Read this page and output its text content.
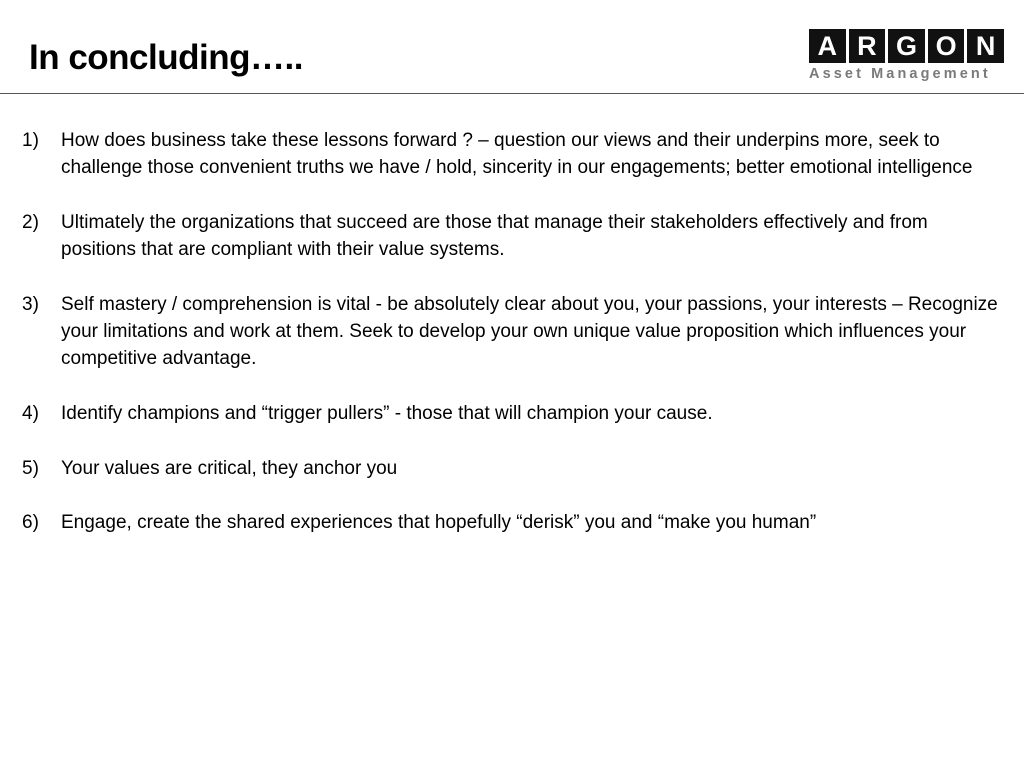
In concluding…..	A R G O N
Asset Management
1) How does business take these lessons forward ? – question our views and their underpins more, seek to challenge those convenient truths we have / hold, sincerity in our engagements; better emotional intelligence
2) Ultimately the organizations that succeed are those that manage their stakeholders effectively and from positions that are compliant with their value systems.
3) Self mastery / comprehension is vital - be absolutely clear about you, your passions, your interests – Recognize your limitations and work at them. Seek to develop your own unique value proposition which influences your competitive advantage.
4) Identify champions and “trigger pullers” - those that will champion your cause.
5) Your values are critical, they anchor you
6) Engage, create the shared experiences that hopefully “derisk” you and “make you human”
